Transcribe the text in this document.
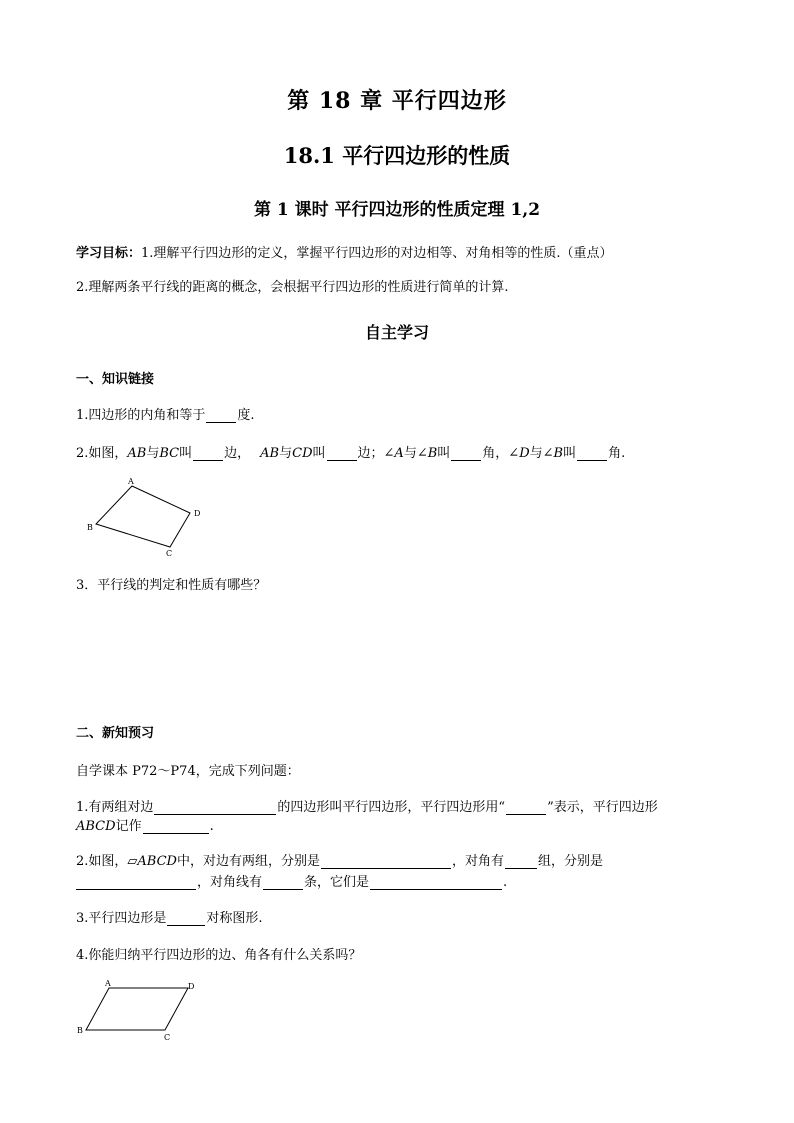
第 18 章 平行四边形
18.1 平行四边形的性质
第 1 课时 平行四边形的性质定理 1,2
学习目标：1.理解平行四边形的定义，掌握平行四边形的对边相等、对角相等的性质.（重点）
2.理解两条平行线的距离的概念，会根据平行四边形的性质进行简单的计算.
自主学习
一、知识链接
1.四边形的内角和等于 度.
2.如图，AB与BC叫 边， AB与CD叫 边；∠A与∠B叫 角，∠D与∠B叫 角.
A
B
C
D
3．平行线的判定和性质有哪些？
二、新知预习
自学课本 P72～P74，完成下列问题：
1.有两组对边	的四边形叫平行四边形，平行四边形用“	”表示，平行四边形
ABCD记作	.
2.如图，▱ABCD中，对边有两组，分别是	，对角有	组，分别是
，对角线有	条，它们是	.
3.平行四边形是	对称图形.
4.你能归纳平行四边形的边、角各有什么关系吗？
A
B
C
D
